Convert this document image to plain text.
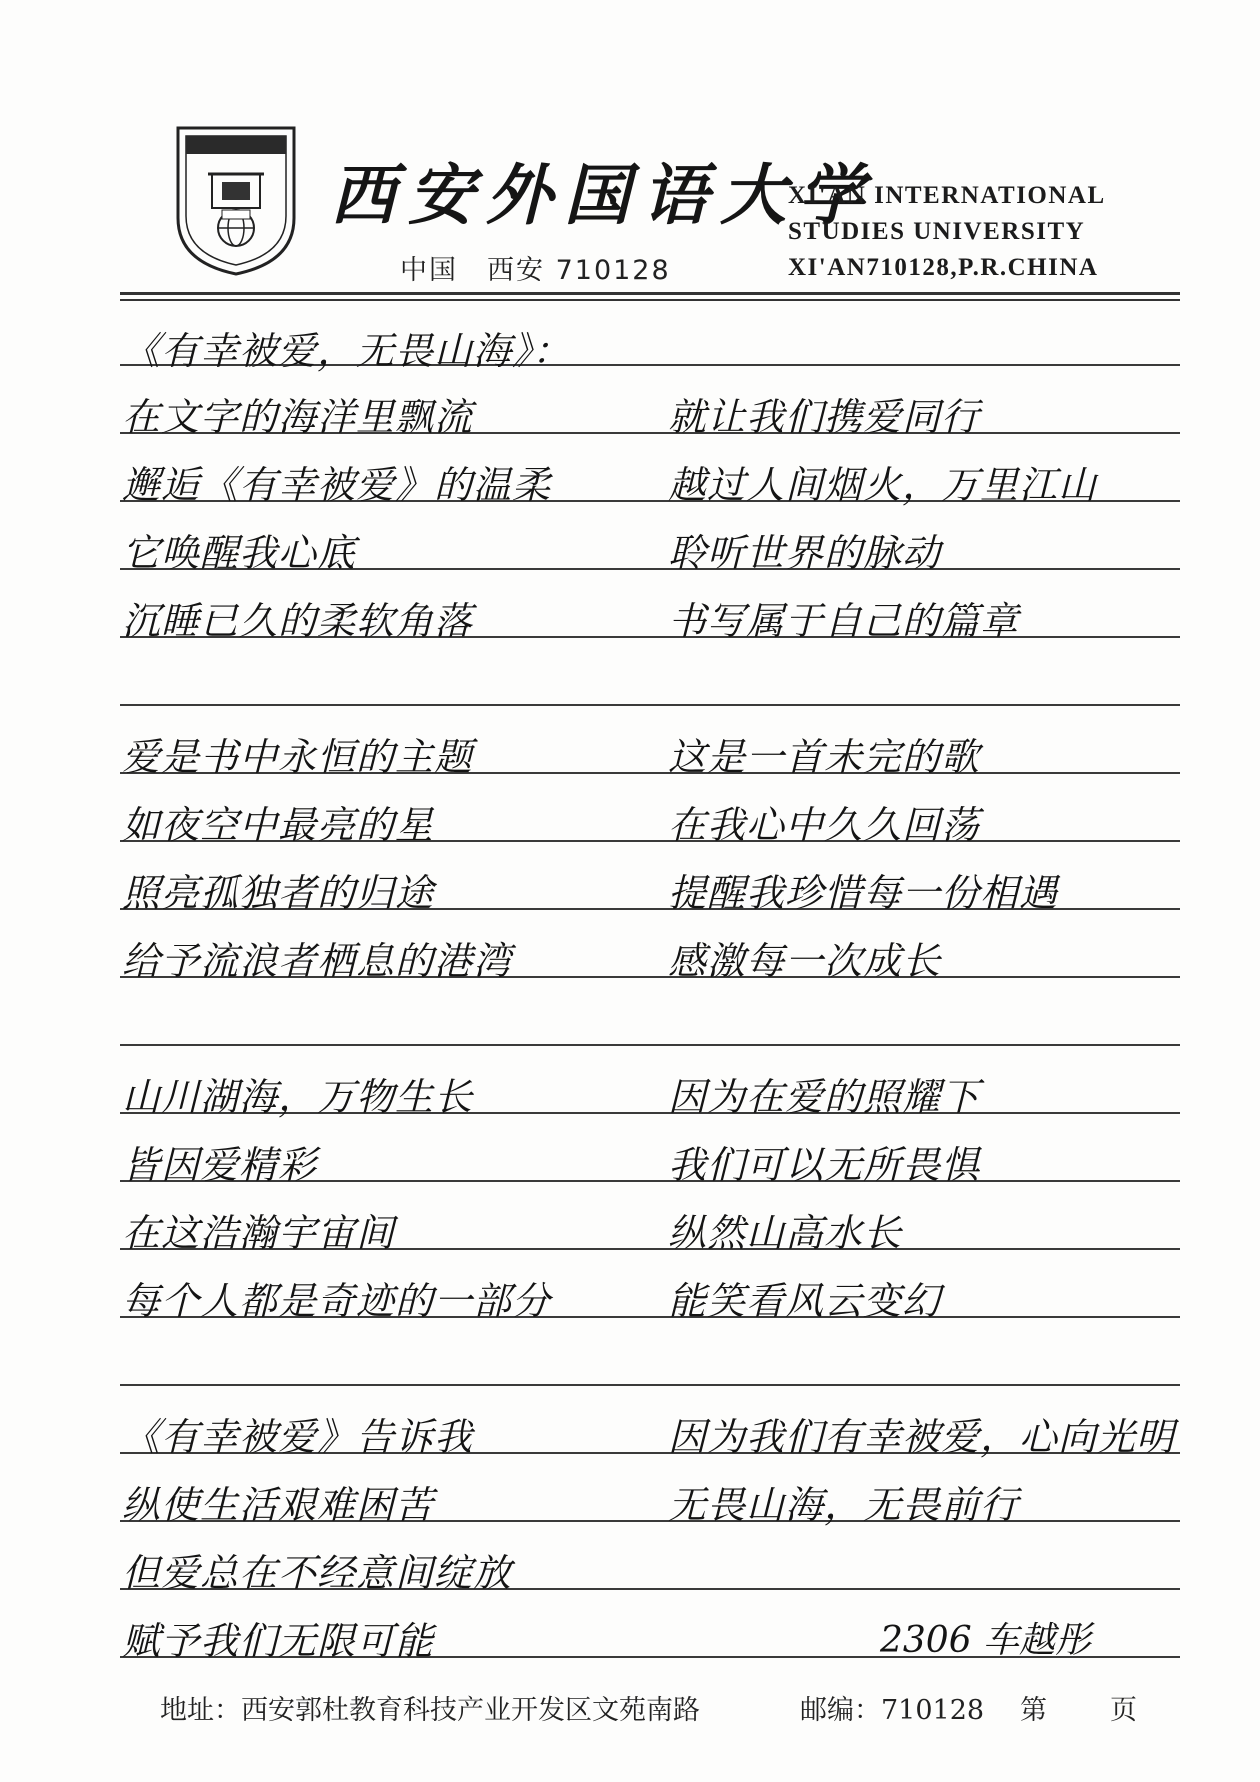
西安外国语大学
中国　西安 710128
XI'AN INTERNATIONAL
STUDIES UNIVERSITY
XI'AN710128,P.R.CHINA
《有幸被爱，无畏山海》：
在文字的海洋里飘流
邂逅《有幸被爱》的温柔
它唤醒我心底
沉睡已久的柔软角落
就让我们携爱同行
越过人间烟火，万里江山
聆听世界的脉动
书写属于自己的篇章
爱是书中永恒的主题
如夜空中最亮的星
照亮孤独者的归途
给予流浪者栖息的港湾
这是一首未完的歌
在我心中久久回荡
提醒我珍惜每一份相遇
感激每一次成长
山川湖海，万物生长
皆因爱精彩
在这浩瀚宇宙间
每个人都是奇迹的一部分
因为在爱的照耀下
我们可以无所畏惧
纵然山高水长
能笑看风云变幻
《有幸被爱》告诉我
纵使生活艰难困苦
但爱总在不经意间绽放
赋予我们无限可能
因为我们有幸被爱，心向光明
无畏山海，无畏前行
2306 车越彤
地址：西安郭杜教育科技产业开发区文苑南路	邮编：710128 第 页
